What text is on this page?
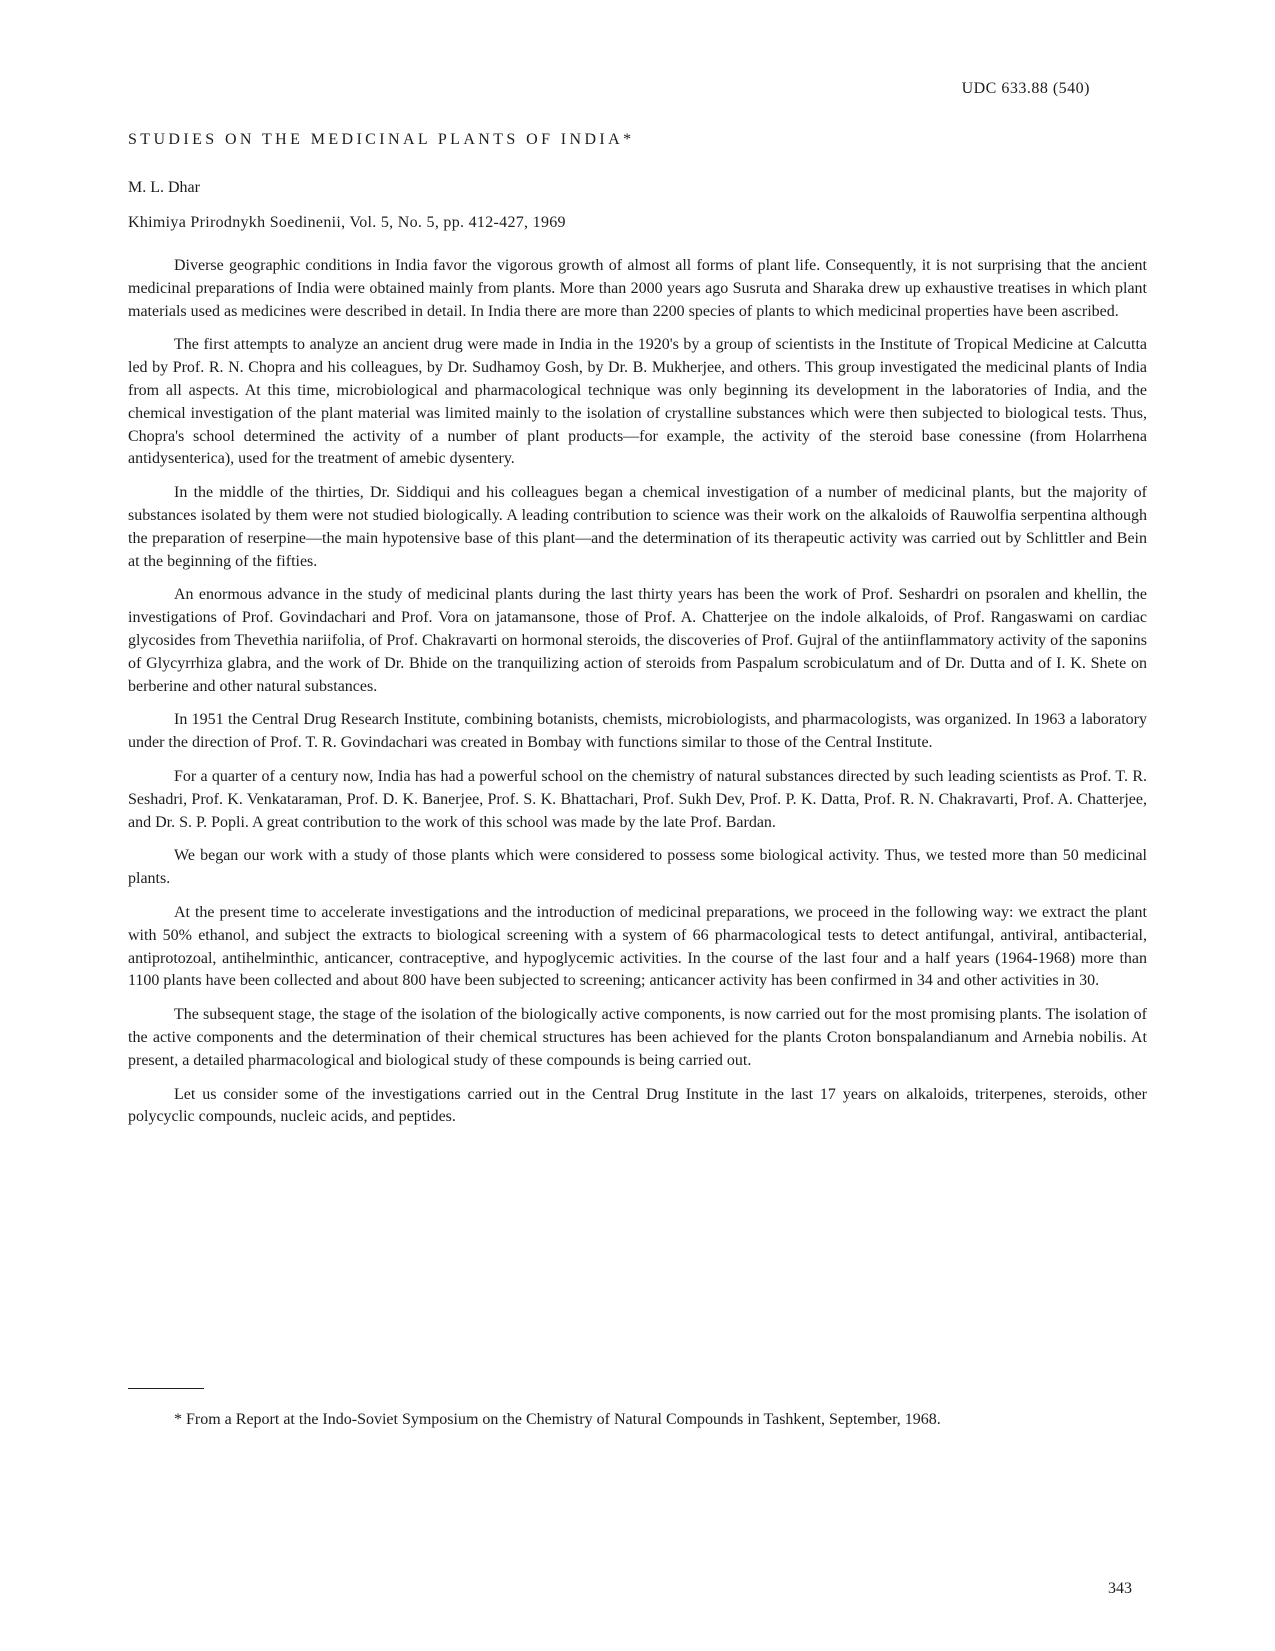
UDC 633.88 (540)
STUDIES ON THE MEDICINAL PLANTS OF INDIA*
M. L. Dhar
Khimiya Prirodnykh Soedinenii, Vol. 5, No. 5, pp. 412-427, 1969

Diverse geographic conditions in India favor the vigorous growth of almost all forms of plant life. Consequently, it is not surprising that the ancient medicinal preparations of India were obtained mainly from plants. More than 2000 years ago Susruta and Sharaka drew up exhaustive treatises in which plant materials used as medicines were described in detail. In India there are more than 2200 species of plants to which medicinal properties have been ascribed.

The first attempts to analyze an ancient drug were made in India in the 1920's by a group of scientists in the Institute of Tropical Medicine at Calcutta led by Prof. R. N. Chopra and his colleagues, by Dr. Sudhamoy Gosh, by Dr. B. Mukherjee, and others. This group investigated the medicinal plants of India from all aspects. At this time, microbiological and pharmacological technique was only beginning its development in the laboratories of India, and the chemical investigation of the plant material was limited mainly to the isolation of crystalline substances which were then subjected to biological tests. Thus, Chopra's school determined the activity of a number of plant products—for example, the activity of the steroid base conessine (from Holarrhena antidysenterica), used for the treatment of amebic dysentery.

In the middle of the thirties, Dr. Siddiqui and his colleagues began a chemical investigation of a number of medicinal plants, but the majority of substances isolated by them were not studied biologically. A leading contribution to science was their work on the alkaloids of Rauwolfia serpentina although the preparation of reserpine—the main hypotensive base of this plant—and the determination of its therapeutic activity was carried out by Schlittler and Bein at the beginning of the fifties.

An enormous advance in the study of medicinal plants during the last thirty years has been the work of Prof. Seshardri on psoralen and khellin, the investigations of Prof. Govindachari and Prof. Vora on jatamansone, those of Prof. A. Chatterjee on the indole alkaloids, of Prof. Rangaswami on cardiac glycosides from Thevethia nariifolia, of Prof. Chakravarti on hormonal steroids, the discoveries of Prof. Gujral of the antiinflammatory activity of the saponins of Glycyrrhiza glabra, and the work of Dr. Bhide on the tranquilizing action of steroids from Paspalum scrobiculatum and of Dr. Dutta and of I. K. Shete on berberine and other natural substances.

In 1951 the Central Drug Research Institute, combining botanists, chemists, microbiologists, and pharmacologists, was organized. In 1963 a laboratory under the direction of Prof. T. R. Govindachari was created in Bombay with functions similar to those of the Central Institute.

For a quarter of a century now, India has had a powerful school on the chemistry of natural substances directed by such leading scientists as Prof. T. R. Seshadri, Prof. K. Venkataraman, Prof. D. K. Banerjee, Prof. S. K. Bhattachari, Prof. Sukh Dev, Prof. P. K. Datta, Prof. R. N. Chakravarti, Prof. A. Chatterjee, and Dr. S. P. Popli. A great contribution to the work of this school was made by the late Prof. Bardan.

We began our work with a study of those plants which were considered to possess some biological activity. Thus, we tested more than 50 medicinal plants.

At the present time to accelerate investigations and the introduction of medicinal preparations, we proceed in the following way: we extract the plant with 50% ethanol, and subject the extracts to biological screening with a system of 66 pharmacological tests to detect antifungal, antiviral, antibacterial, antiprotozoal, antihelminthic, anticancer, contraceptive, and hypoglycemic activities. In the course of the last four and a half years (1964-1968) more than 1100 plants have been collected and about 800 have been subjected to screening; anticancer activity has been confirmed in 34 and other activities in 30.

The subsequent stage, the stage of the isolation of the biologically active components, is now carried out for the most promising plants. The isolation of the active components and the determination of their chemical structures has been achieved for the plants Croton bonspalandianum and Arnebia nobilis. At present, a detailed pharmacological and biological study of these compounds is being carried out.

Let us consider some of the investigations carried out in the Central Drug Institute in the last 17 years on alkaloids, triterpenes, steroids, other polycyclic compounds, nucleic acids, and peptides.

* From a Report at the Indo-Soviet Symposium on the Chemistry of Natural Compounds in Tashkent, September, 1968.
343
